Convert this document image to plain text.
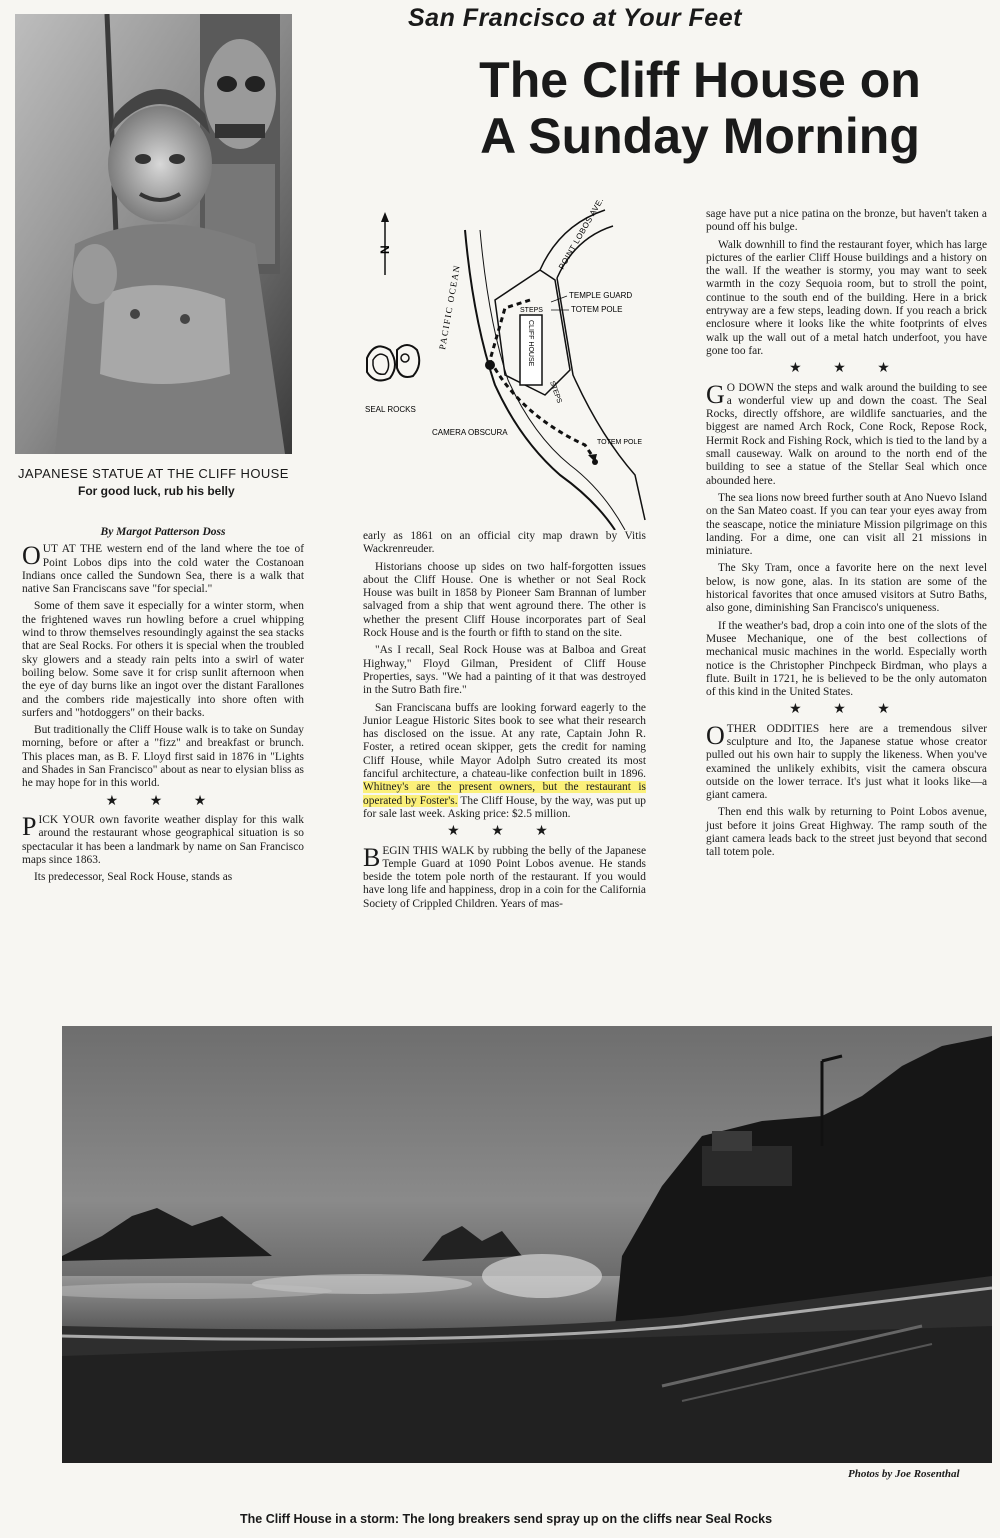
San Francisco at Your Feet
The Cliff House on
A Sunday Morning
JAPANESE STATUE AT THE CLIFF HOUSE
For good luck, rub his belly
N
CLIFF HOUSE
PACIFIC OCEAN
POINT LOBOS AVE.
TEMPLE GUARD
TOTEM POLE
STEPS
STEPS
SEAL ROCKS
CAMERA OBSCURA
TOTEM POLE

By Margot Patterson Doss

OUT AT THE western end of the land where the toe of Point Lobos dips into the cold water the Costanoan Indians once called the Sundown Sea, there is a walk that native San Franciscans save "for special."

Some of them save it especially for a winter storm, when the frightened waves run howling before a cruel whipping wind to throw themselves resoundingly against the sea stacks that are Seal Rocks. For others it is special when the troubled sky glowers and a steady rain pelts into a swirl of water boiling below. Some save it for crisp sunlit afternoon when the eye of day burns like an ingot over the distant Farallones and the combers ride majestically into shore often with surfers and "hotdoggers" on their backs.

But traditionally the Cliff House walk is to take on Sunday morning, before or after a "fizz" and breakfast or brunch. This places man, as B. F. Lloyd first said in 1876 in "Lights and Shades in San Francisco" about as near to elysian bliss as he may hope for in this world.

★ ★ ★

PICK YOUR own favorite weather display for this walk around the restaurant whose geographical situation is so spectacular it has been a landmark by name on San Francisco maps since 1863.

Its predecessor, Seal Rock House, stands as

early as 1861 on an official city map drawn by Vitis Wackrenreuder.

Historians choose up sides on two half-forgotten issues about the Cliff House. One is whether or not Seal Rock House was built in 1858 by Pioneer Sam Brannan of lumber salvaged from a ship that went aground there. The other is whether the present Cliff House incorporates part of Seal Rock House and is the fourth or fifth to stand on the site.

"As I recall, Seal Rock House was at Balboa and Great Highway," Floyd Gilman, President of Cliff House Properties, says. "We had a painting of it that was destroyed in the Sutro Bath fire."

San Franciscana buffs are looking forward eagerly to the Junior League Historic Sites book to see what their research has disclosed on the issue. At any rate, Captain John R. Foster, a retired ocean skipper, gets the credit for naming Cliff House, while Mayor Adolph Sutro created its most fanciful architecture, a chateau-like confection built in 1896. Whitney's are the present owners, but the restaurant is operated by Foster's. The Cliff House, by the way, was put up for sale last week. Asking price: $2.5 million.

★ ★ ★

BEGIN THIS WALK by rubbing the belly of the Japanese Temple Guard at 1090 Point Lobos avenue. He stands beside the totem pole north of the restaurant. If you would have long life and happiness, drop in a coin for the California Society of Crippled Children. Years of mas-

sage have put a nice patina on the bronze, but haven't taken a pound off his bulge.

Walk downhill to find the restaurant foyer, which has large pictures of the earlier Cliff House buildings and a history on the wall. If the weather is stormy, you may want to seek warmth in the cozy Sequoia room, but to stroll the point, continue to the south end of the building. Here in a brick entryway are a few steps, leading down. If you reach a brick enclosure where it looks like the white footprints of elves walk up the wall out of a metal hatch underfoot, you have gone too far.

★ ★ ★

G O DOWN the steps and walk around the building to see a wonderful view up and down the coast. The Seal Rocks, directly offshore, are wildlife sanctuaries, and the biggest are named Arch Rock, Cone Rock, Repose Rock, Hermit Rock and Fishing Rock, which is tied to the land by a small causeway. Walk on around to the north end of the building to see a statue of the Stellar Seal which once abounded here.

The sea lions now breed further south at Ano Nuevo Island on the San Mateo coast. If you can tear your eyes away from the seascape, notice the miniature Mission pilgrimage on this landing. For a dime, one can visit all 21 missions in miniature.

The Sky Tram, once a favorite here on the next level below, is now gone, alas. In its station are some of the historical favorites that once amused visitors at Sutro Baths, also gone, diminishing San Francisco's uniqueness.

If the weather's bad, drop a coin into one of the slots of the Musee Mechanique, one of the best collections of mechanical music machines in the world. Especially worth notice is the Christopher Pinchpeck Birdman, who plays a flute. Built in 1721, he is believed to be the only automaton of this kind in the United States.

★ ★ ★

OTHER ODDITIES here are a tremendous silver sculpture and Ito, the Japanese statue whose creator pulled out his own hair to supply the likeness. When you've examined the unlikely exhibits, visit the camera obscura outside on the lower terrace. It's just what it looks like—a giant camera.

Then end this walk by returning to Point Lobos avenue, just before it joins Great Highway. The ramp south of the giant camera leads back to the street just beyond that second tall totem pole.

Photos by Joe Rosenthal
The Cliff House in a storm: The long breakers send spray up on the cliffs near Seal Rocks
